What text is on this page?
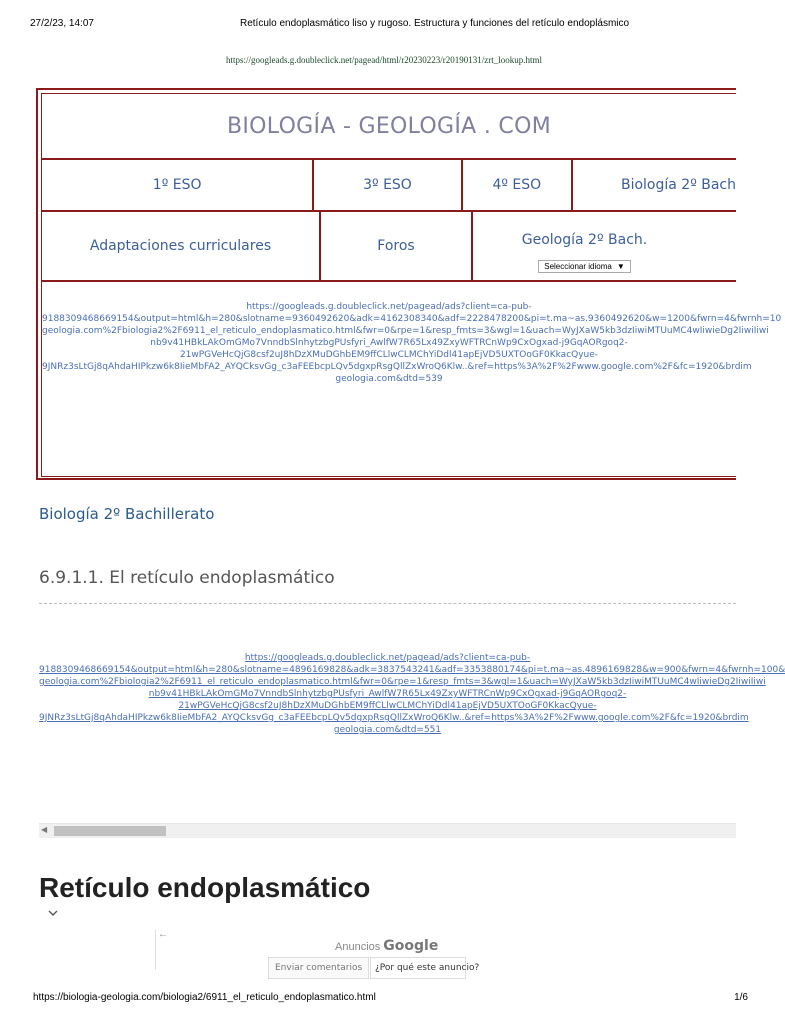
27/2/23, 14:07	Retículo endoplasmático liso y rugoso. Estructura y funciones del retículo endoplásmico
https://googleads.g.doubleclick.net/pagead/html/r20230223/r20190131/zrt_lookup.html
BIOLOGÍA - GEOLOGÍA . COM
1º ESO	3º ESO	4º ESO	Biología 2º Bach
Adaptaciones curriculares	Foros	Geología 2º Bach.
Seleccionar idioma ▼
https://googleads.g.doubleclick.net/pagead/ads?client=ca-pub-
9188309468669154&output=html&h=280&slotname=9360492620&adk=4162308340&adf=2228478200&pi=t.ma~as.9360492620&w=1200&fwrn=4&fwrnh=10
geologia.com%2Fbiologia2%2F6911_el_reticulo_endoplasmatico.html&fwr=0&rpe=1&resp_fmts=3&wgl=1&uach=WyJXaW5kb3dzIiwiMTUuMC4wIiwieDg2IiwiIiwi
nb9v41HBkLAkOmGMo7VnndbSlnhytzbgPUsfyri_AwlfW7R65Lx49ZxyWFTRCnWp9CxOgxad-j9GqAORgoq2-
21wPGVeHcQjG8csf2uJ8hDzXMuDGhbEM9ffCLlwCLMChYiDdl41apEjVD5UXTOoGF0KkacQyue-
9JNRz3sLtGj8qAhdaHIPkzw6k8IieMbFA2_AYQCksvGg_c3aFEEbcpLQv5dgxpRsgQllZxWroQ6Klw..&ref=https%3A%2F%2Fwww.google.com%2F&fc=1920&brdim
geologia.com&dtd=539
Biología 2º Bachillerato
6.9.1.1. El retículo endoplasmático
https://googleads.g.doubleclick.net/pagead/ads?client=ca-pub-
9188309468669154&output=html&h=280&slotname=4896169828&adk=3837543241&adf=3353880174&pi=t.ma~as.4896169828&w=900&fwrn=4&fwrnh=100&
geologia.com%2Fbiologia2%2F6911_el_reticulo_endoplasmatico.html&fwr=0&rpe=1&resp_fmts=3&wgl=1&uach=WyJXaW5kb3dzIiwiMTUuMC4wIiwieDg2IiwiIiwi
nb9v41HBkLAkOmGMo7VnndbSlnhytzbgPUsfyri_AwlfW7R65Lx49ZxyWFTRCnWp9CxOgxad-j9GqAORgoq2-
21wPGVeHcQjG8csf2uJ8hDzXMuDGhbEM9ffCLlwCLMChYiDdl41apEjVD5UXTOoGF0KkacQyue-
9JNRz3sLtGj8qAhdaHIPkzw6k8IieMbFA2_AYQCksvGg_c3aFEEbcpLQv5dgxpRsgQllZxWroQ6Klw..&ref=https%3A%2F%2Fwww.google.com%2F&fc=1920&brdim
geologia.com&dtd=551
◀
Retículo endoplasmático
←
Anuncios Google
Enviar comentarios	¿Por qué este anuncio?
https://biologia-geologia.com/biologia2/6911_el_reticulo_endoplasmatico.html	1/6
